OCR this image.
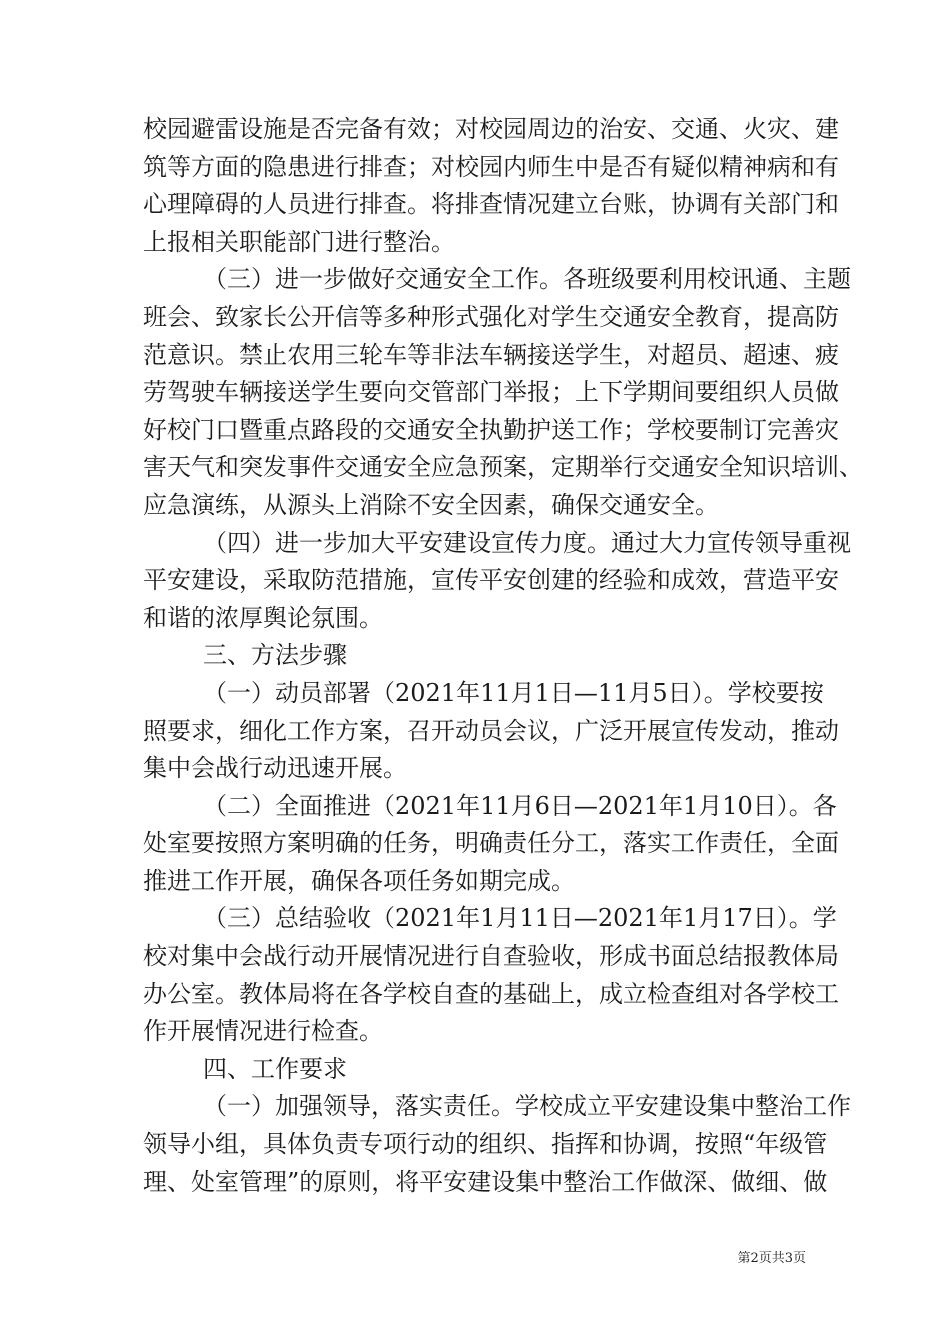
校园避雷设施是否完备有效；对校园周边的治安、交通、火灾、建
筑等方面的隐患进行排查；对校园内师生中是否有疑似精神病和有
心理障碍的人员进行排查。将排查情况建立台账，协调有关部门和
上报相关职能部门进行整治。
（三）进一步做好交通安全工作。各班级要利用校讯通、主题
班会、致家长公开信等多种形式强化对学生交通安全教育，提高防
范意识。禁止农用三轮车等非法车辆接送学生，对超员、超速、疲
劳驾驶车辆接送学生要向交管部门举报；上下学期间要组织人员做
好校门口暨重点路段的交通安全执勤护送工作；学校要制订完善灾
害天气和突发事件交通安全应急预案，定期举行交通安全知识培训、
应急演练，从源头上消除不安全因素，确保交通安全。
（四）进一步加大平安建设宣传力度。通过大力宣传领导重视
平安建设，采取防范措施，宣传平安创建的经验和成效，营造平安
和谐的浓厚舆论氛围。
三、方法步骤
（一）动员部署（2021年11月1日—11月5日）。学校要按
照要求，细化工作方案，召开动员会议，广泛开展宣传发动，推动
集中会战行动迅速开展。
（二）全面推进（2021年11月6日—2021年1月10日）。各
处室要按照方案明确的任务，明确责任分工，落实工作责任，全面
推进工作开展，确保各项任务如期完成。
（三）总结验收（2021年1月11日—2021年1月17日）。学
校对集中会战行动开展情况进行自查验收，形成书面总结报教体局
办公室。教体局将在各学校自查的基础上，成立检查组对各学校工
作开展情况进行检查。
四、工作要求
（一）加强领导，落实责任。学校成立平安建设集中整治工作
领导小组，具体负责专项行动的组织、指挥和协调，按照“年级管
理、处室管理”的原则，将平安建设集中整治工作做深、做细、做
第2页共3页
